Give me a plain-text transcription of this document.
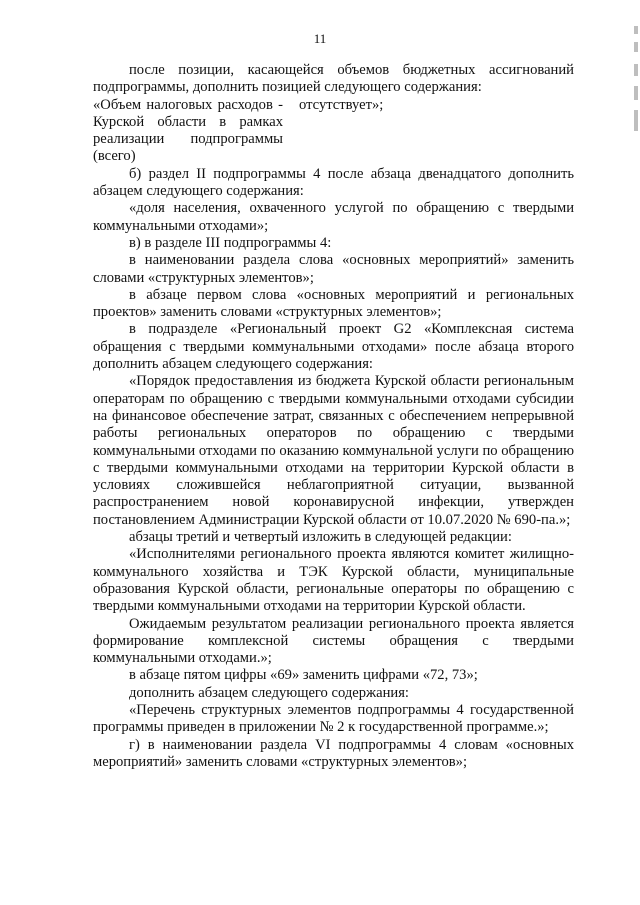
11
после позиции, касающейся объемов бюджетных ассигнований подпрограммы, дополнить позицией следующего содержания:
«Объем налоговых расходов -	отсутствует»;
Курской области в рамках
реализации подпрограммы
(всего)
б) раздел II подпрограммы 4 после абзаца двенадцатого дополнить абзацем следующего содержания:
«доля населения, охваченного услугой по обращению с твердыми коммунальными отходами»;
в) в разделе III подпрограммы 4:
в наименовании раздела слова «основных мероприятий» заменить словами «структурных элементов»;
в абзаце первом слова «основных мероприятий и региональных проектов» заменить словами «структурных элементов»;
в подразделе «Региональный проект G2 «Комплексная система обращения с твердыми коммунальными отходами» после абзаца второго дополнить абзацем следующего содержания:
«Порядок предоставления из бюджета Курской области региональным операторам по обращению с твердыми коммунальными отходами субсидии на финансовое обеспечение затрат, связанных с обеспечением непрерывной работы региональных операторов по обращению с твердыми коммунальными отходами по оказанию коммунальной услуги по обращению с твердыми коммунальными отходами на территории Курской области в условиях сложившейся неблагоприятной ситуации, вызванной распространением новой коронавирусной инфекции, утвержден постановлением Администрации Курской области от 10.07.2020 № 690-па.»;
абзацы третий и четвертый изложить в следующей редакции:
«Исполнителями регионального проекта являются комитет жилищно-коммунального хозяйства и ТЭК Курской области, муниципальные образования Курской области, региональные операторы по обращению с твердыми коммунальными отходами на территории Курской области.
Ожидаемым результатом реализации регионального проекта является формирование комплексной системы обращения с твердыми коммунальными отходами.»;
в абзаце пятом цифры «69» заменить цифрами «72, 73»;
дополнить абзацем следующего содержания:
«Перечень структурных элементов подпрограммы 4 государственной программы приведен в приложении № 2 к государственной программе.»;
г) в наименовании раздела VI подпрограммы 4 словам «основных мероприятий» заменить словами «структурных элементов»;
